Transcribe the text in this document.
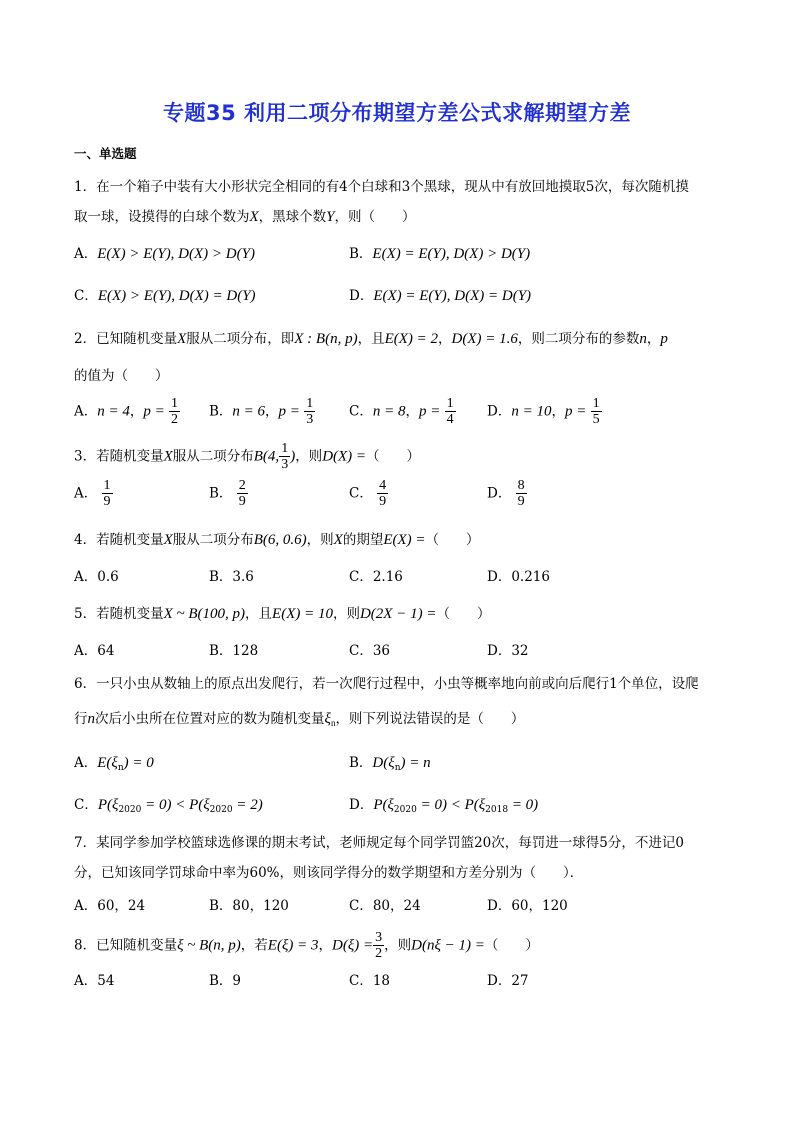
专题35 利用二项分布期望方差公式求解期望方差
一、单选题
1．在一个箱子中装有大小形状完全相同的有4个白球和3个黑球，现从中有放回地摸取5次，每次随机摸
取一球，设摸得的白球个数为X，黑球个数Y，则（　　）
A．E(X) > E(Y), D(X) > D(Y)	B．E(X) = E(Y), D(X) > D(Y)
C．E(X) > E(Y), D(X) = D(Y)	D．E(X) = E(Y), D(X) = D(Y)
2．已知随机变量X服从二项分布，即X : B(n, p)，且E(X) = 2，D(X) = 1.6，则二项分布的参数n，p
的值为（　　）
A．n = 4，$p = \frac{1}{2}$ B．n = 6，$p = \frac{1}{3}$	C．n = 8，$p = \frac{1}{4}$ D．n = 10，$p = \frac{1}{5}$
3．若随机变量X服从二项分布B(4, $\frac{1}{3}$ )，则D(X) =（　　）
A． $\frac{1}{9}$	B． $\frac{2}{9}$	C． $\frac{4}{9}$	D． $\frac{8}{9}$
4．若随机变量X服从二项分布B(6, 0.6)，则X的期望E(X) =（　　）
A．0.6	B．3.6	C．2.16	D．0.216
5．若随机变量X ~ B(100, p)，且E(X) = 10，则D(2X − 1) =（　　）
A．64	B．128	C．36	D．32
6．一只小虫从数轴上的原点出发爬行，若一次爬行过程中，小虫等概率地向前或向后爬行1个单位，设爬
行n次后小虫所在位置对应的数为随机变量$\xi_n$，则下列说法错误的是（　　）
A．$E(\xi_n) = 0$	B．$D(\xi_n) = n$
C．$P(\xi_{2020} = 0) < P(\xi_{2020} = 2)$	D．$P(\xi_{2020} = 0) < P(\xi_{2018} = 0)$
7．某同学参加学校篮球选修课的期末考试，老师规定每个同学罚篮20次，每罚进一球得5分，不进记0
分，已知该同学罚球命中率为60%，则该同学得分的数学期望和方差分别为（　　）．
A．60，24	B．80，120	C．80，24	D．60，120
8．已知随机变量ξ ~ B(n, p)，若E(ξ) = 3，$D(\xi) = \frac{3}{2}$ ，则D(nξ − 1) =（　　）
A．54	B．9	C．18	D．27
